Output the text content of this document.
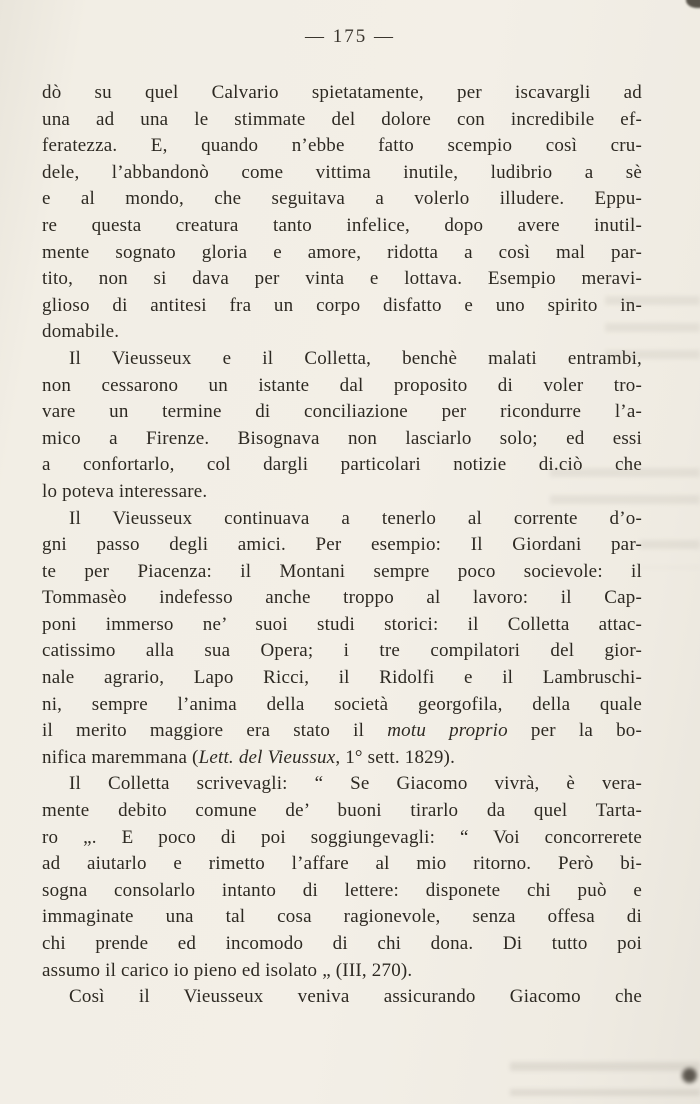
— 175 —
dò su quel Calvario spietatamente, per iscavargli ad
una ad una le stimmate del dolore con incredibile ef-
feratezza. E, quando n’ebbe fatto scempio così cru-
dele, l’abbandonò come vittima inutile, ludibrio a sè
e al mondo, che seguitava a volerlo illudere. Eppu-
re questa creatura tanto infelice, dopo avere inutil-
mente sognato gloria e amore, ridotta a così mal par-
tito, non si dava per vinta e lottava. Esempio meravi-
glioso di antitesi fra un corpo disfatto e uno spirito in-
domabile.
Il Vieusseux e il Colletta, benchè malati entrambi,
non cessarono un istante dal proposito di voler tro-
vare un termine di conciliazione per ricondurre l’a-
mico a Firenze. Bisognava non lasciarlo solo; ed essi
a confortarlo, col dargli particolari notizie di.ciò che
lo poteva interessare.
Il Vieusseux continuava a tenerlo al corrente d’o-
gni passo degli amici. Per esempio: Il Giordani par-
te per Piacenza: il Montani sempre poco socievole: il
Tommasèo indefesso anche troppo al lavoro: il Cap-
poni immerso ne’ suoi studi storici: il Colletta attac-
catissimo alla sua Opera; i tre compilatori del gior-
nale agrario, Lapo Ricci, il Ridolfi e il Lambruschi-
ni, sempre l’anima della società georgofila, della quale
il merito maggiore era stato il motu proprio per la bo-
nifica maremmana (Lett. del Vieussux, 1° sett. 1829).
Il Colletta scrivevagli: “ Se Giacomo vivrà, è vera-
mente debito comune de’ buoni tirarlo da quel Tarta-
ro „. E poco di poi soggiungevagli: “ Voi concorrerete
ad aiutarlo e rimetto l’affare al mio ritorno. Però bi-
sogna consolarlo intanto di lettere: disponete chi può e
immaginate una tal cosa ragionevole, senza offesa di
chi prende ed incomodo di chi dona. Di tutto poi
assumo il carico io pieno ed isolato „ (III, 270).
Così il Vieusseux veniva assicurando Giacomo che
